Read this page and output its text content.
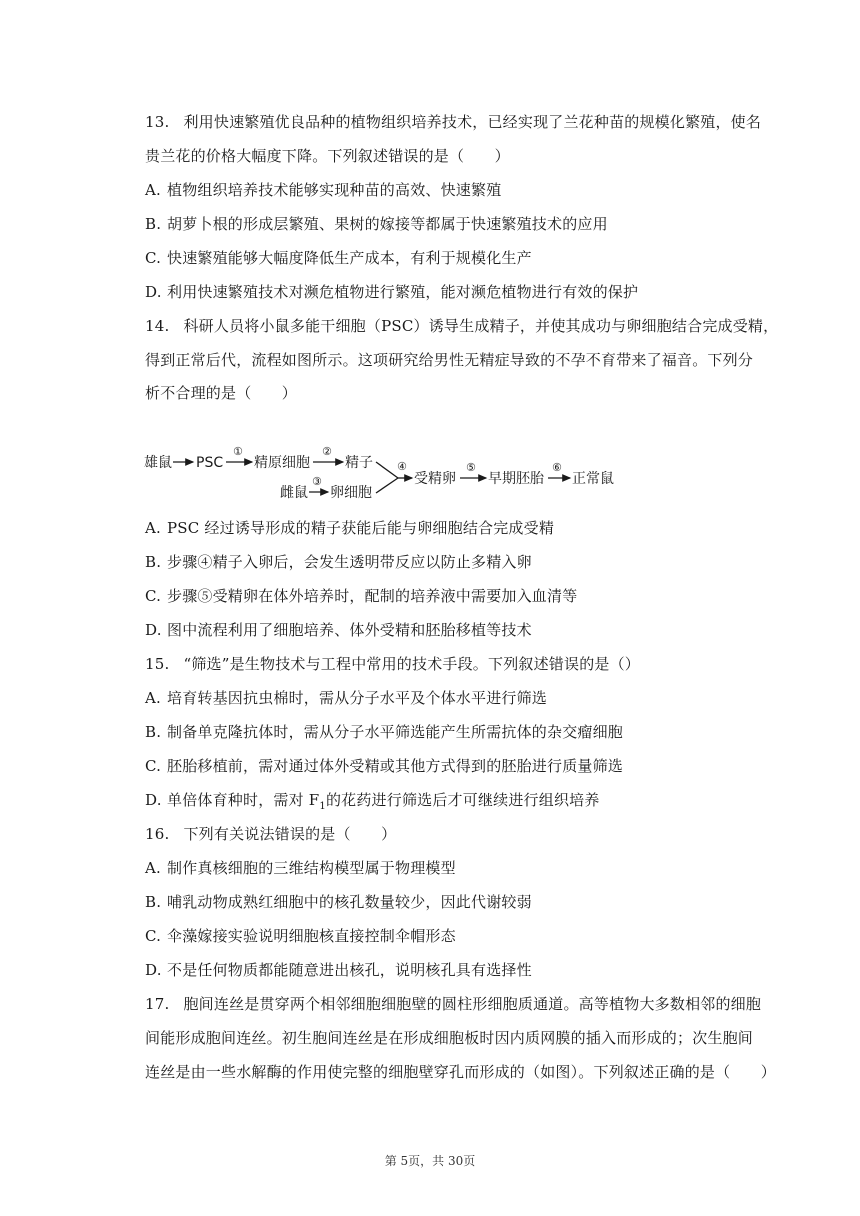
13. 利用快速繁殖优良品种的植物组织培养技术，已经实现了兰花种苗的规模化繁殖，使名
贵兰花的价格大幅度下降。下列叙述错误的是（　　）
A. 植物组织培养技术能够实现种苗的高效、快速繁殖
B. 胡萝卜根的形成层繁殖、果树的嫁接等都属于快速繁殖技术的应用
C. 快速繁殖能够大幅度降低生产成本，有利于规模化生产
D. 利用快速繁殖技术对濒危植物进行繁殖，能对濒危植物进行有效的保护
14. 科研人员将小鼠多能干细胞（PSC）诱导生成精子，并使其成功与卵细胞结合完成受精，
得到正常后代，流程如图所示。这项研究给男性无精症导致的不孕不育带来了福音。下列分
析不合理的是（　　）
雄鼠 PSC
①
精原细胞
②
精子
雌鼠
③
卵细胞
④
受精卵
⑤
早期胚胎
⑥
正常鼠
A. PSC 经过诱导形成的精子获能后能与卵细胞结合完成受精
B. 步骤④精子入卵后，会发生透明带反应以防止多精入卵
C. 步骤⑤受精卵在体外培养时，配制的培养液中需要加入血清等
D. 图中流程利用了细胞培养、体外受精和胚胎移植等技术
15. “筛选”是生物技术与工程中常用的技术手段。下列叙述错误的是（）
A. 培育转基因抗虫棉时，需从分子水平及个体水平进行筛选
B. 制备单克隆抗体时，需从分子水平筛选能产生所需抗体的杂交瘤细胞
C. 胚胎移植前，需对通过体外受精或其他方式得到的胚胎进行质量筛选
D. 单倍体育种时，需对 $F_1$的花药进行筛选后才可继续进行组织培养
16. 下列有关说法错误的是（　　）
A. 制作真核细胞的三维结构模型属于物理模型
B. 哺乳动物成熟红细胞中的核孔数量较少，因此代谢较弱
C. 伞藻嫁接实验说明细胞核直接控制伞帽形态
D. 不是任何物质都能随意进出核孔，说明核孔具有选择性
17. 胞间连丝是贯穿两个相邻细胞细胞壁的圆柱形细胞质通道。高等植物大多数相邻的细胞
间能形成胞间连丝。初生胞间连丝是在形成细胞板时因内质网膜的插入而形成的；次生胞间
连丝是由一些水解酶的作用使完整的细胞壁穿孔而形成的（如图）。下列叙述正确的是（　　）
第 5页，共 30页
